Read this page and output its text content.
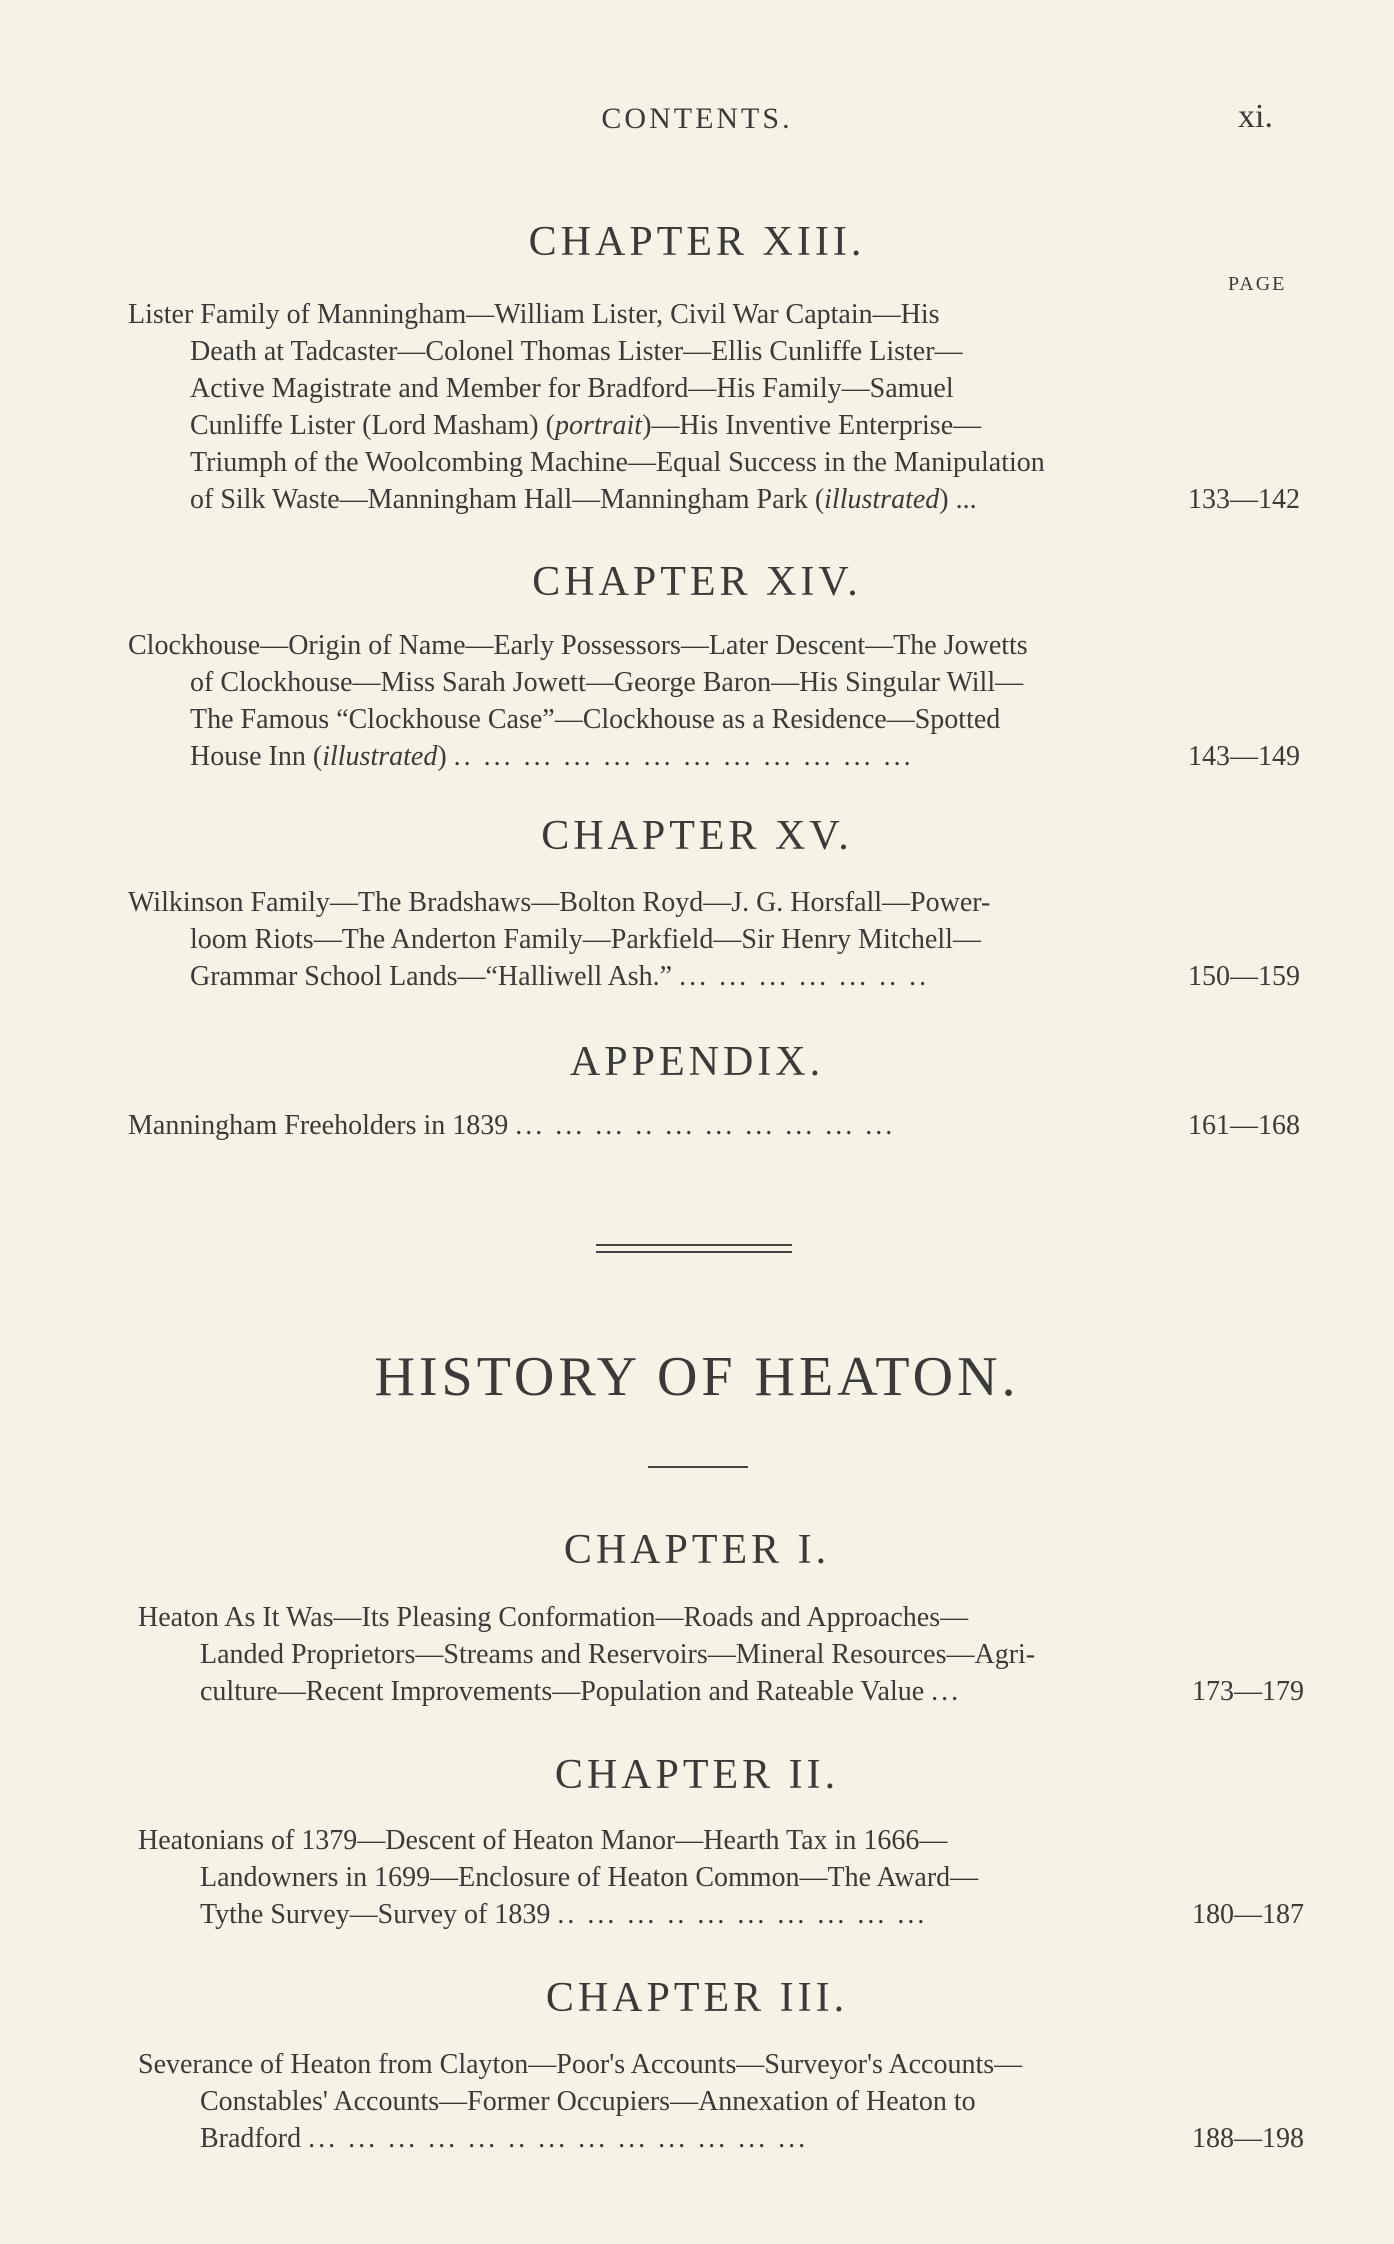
CONTENTS.	xi.
CHAPTER XIII.
PAGE
Lister Family of Manningham—William Lister, Civil War Captain—His
Death at Tadcaster—Colonel Thomas Lister—Ellis Cunliffe Lister—
Active Magistrate and Member for Bradford—His Family—Samuel
Cunliffe Lister (Lord Masham) (portrait)—His Inventive Enterprise—
Triumph of the Woolcombing Machine—Equal Success in the Manipulation
of Silk Waste—Manningham Hall—Manningham Park (illustrated) ...	133—142
CHAPTER XIV.
Clockhouse—Origin of Name—Early Possessors—Later Descent—The Jowetts
of Clockhouse—Miss Sarah Jowett—George Baron—His Singular Will—
The Famous “Clockhouse Case”—Clockhouse as a Residence—Spotted
House Inn (illustrated) .. ... ... ... ... ... ... ... ... ... ... ...	143—149
CHAPTER XV.
Wilkinson Family—The Bradshaws—Bolton Royd—J. G. Horsfall—Power-
loom Riots—The Anderton Family—Parkfield—Sir Henry Mitchell—
Grammar School Lands—“Halliwell Ash.” ... ... ... ... ... .. ..	150—159
APPENDIX.
Manningham Freeholders in 1839 ... ... ... .. ... ... ... ... ... ...	161—168
HISTORY OF HEATON.
CHAPTER I.
Heaton As It Was—Its Pleasing Conformation—Roads and Approaches—
Landed Proprietors—Streams and Reservoirs—Mineral Resources—Agri-
culture—Recent Improvements—Population and Rateable Value ...	173—179
CHAPTER II.
Heatonians of 1379—Descent of Heaton Manor—Hearth Tax in 1666—
Landowners in 1699—Enclosure of Heaton Common—The Award—
Tythe Survey—Survey of 1839 .. ... ... .. ... ... ... ... ... ...	180—187
CHAPTER III.
Severance of Heaton from Clayton—Poor's Accounts—Surveyor's Accounts—
Constables' Accounts—Former Occupiers—Annexation of Heaton to
Bradford ... ... ... ... ... .. ... ... ... ... ... ... ...	188—198
